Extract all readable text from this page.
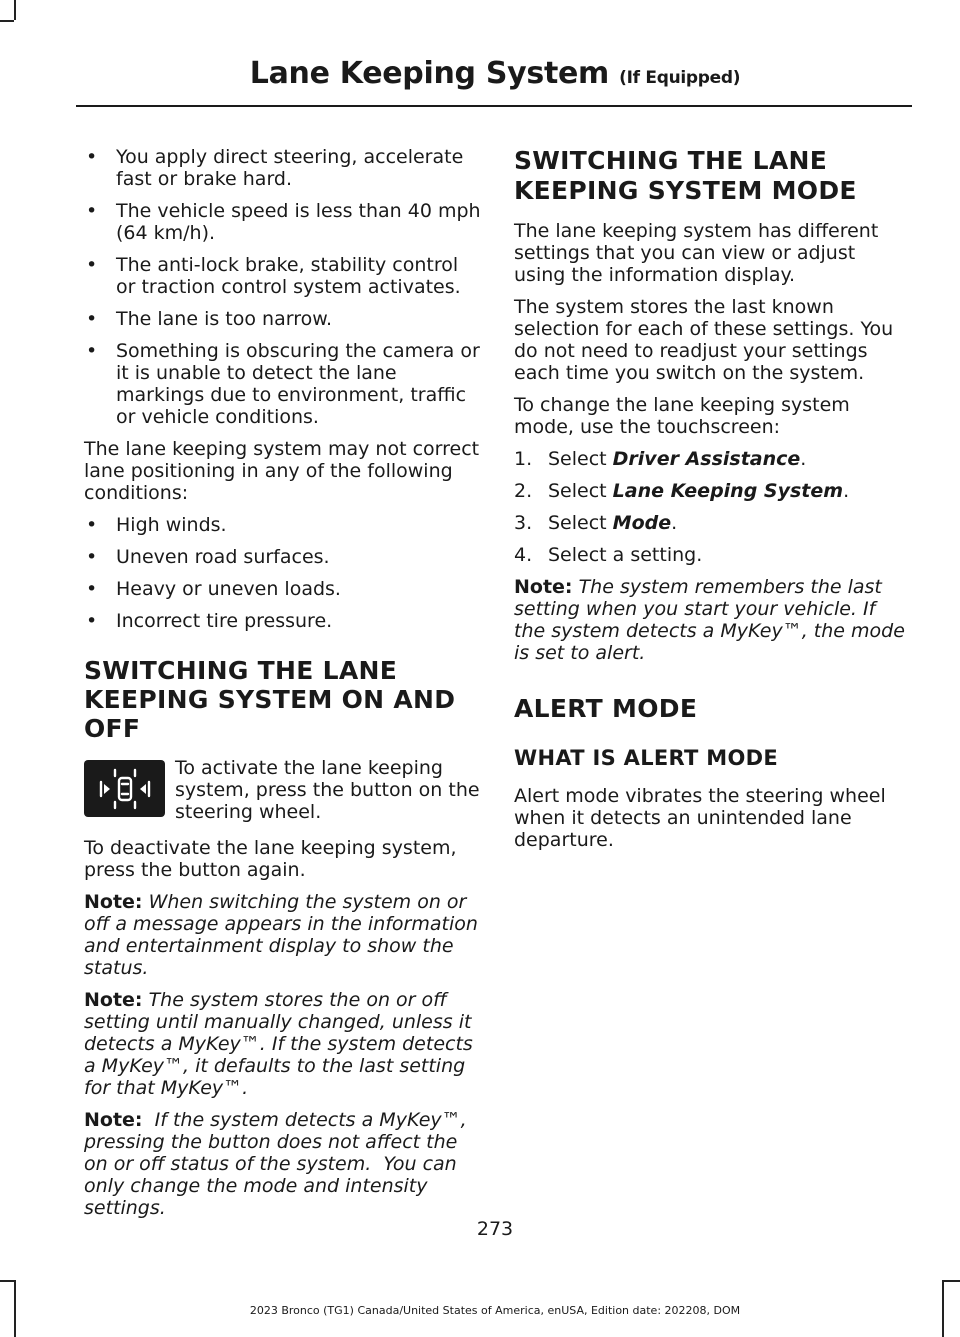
Lane Keeping System (If Equipped)
• You apply direct steering, accelerate fast or brake hard.
• The vehicle speed is less than 40 mph (64 km/h).
• The anti-lock brake, stability control or traction control system activates.
• The lane is too narrow.
• Something is obscuring the camera or it is unable to detect the lane markings due to environment, traffic or vehicle conditions.

The lane keeping system may not correct lane positioning in any of the following conditions:

• High winds.
• Uneven road surfaces.
• Heavy or uneven loads.
• Incorrect tire pressure.
SWITCHING THE LANE KEEPING SYSTEM ON AND OFF

To activate the lane keeping system, press the button on the steering wheel.

To deactivate the lane keeping system, press the button again.

Note: When switching the system on or off a message appears in the information and entertainment display to show the status.

Note: The system stores the on or off setting until manually changed, unless it detects a MyKey™. If the system detects a MyKey™, it defaults to the last setting for that MyKey™.

Note:  If the system detects a MyKey™, pressing the button does not affect the on or off status of the system.  You can only change the mode and intensity settings.

SWITCHING THE LANE KEEPING SYSTEM MODE

The lane keeping system has different settings that you can view or adjust using the information display.

The system stores the last known selection for each of these settings. You do not need to readjust your settings each time you switch on the system.

To change the lane keeping system mode, use the touchscreen:

1. Select Driver Assistance.
2. Select Lane Keeping System.
3. Select Mode.
4. Select a setting.

Note: The system remembers the last setting when you start your vehicle. If the system detects a MyKey™, the mode is set to alert.

ALERT MODE
WHAT IS ALERT MODE

Alert mode vibrates the steering wheel when it detects an unintended lane departure.

273
2023 Bronco (TG1) Canada/United States of America, enUSA, Edition date: 202208, DOM
